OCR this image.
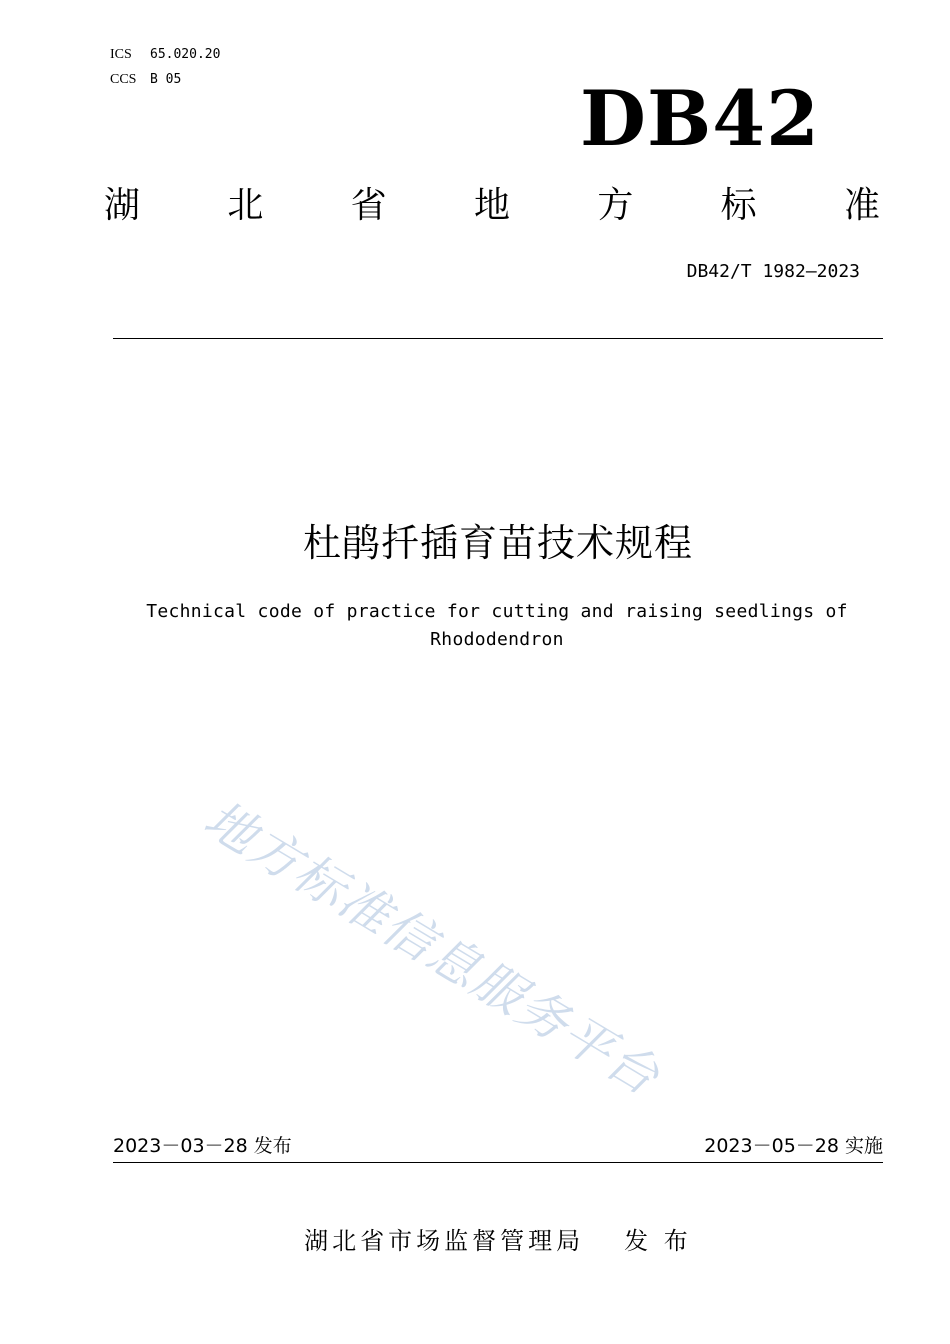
ICS	65.020.20
CCS	B 05	DB42
湖 北 省 地 方 标 准
DB42/T 1982—2023
杜鹃扦插育苗技术规程
Technical code of practice for cutting and raising seedlings of
Rhododendron
地方标准信息服务平台
2023－03－28 发布	2023－05－28 实施
湖北省市场监督管理局 发 布
